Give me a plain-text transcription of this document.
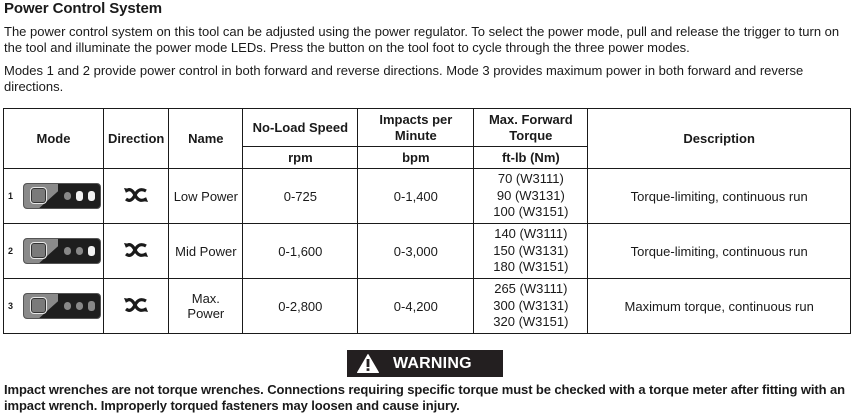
Power Control System
The power control system on this tool can be adjusted using the power regulator. To select the power mode, pull and release the trigger to turn on the tool and illuminate the power mode LEDs. Press the button on the tool foot to cycle through the three power modes.
Modes 1 and 2 provide power control in both forward and reverse directions. Mode 3 provides maximum power in both forward and reverse directions.
Mode	Direction	Name	No-Load Speed	Impacts per Minute	Max. Forward Torque	Description
			rpm	bpm	ft-lb (Nm)	

1		Low Power	0-725	0-1,400	70 (W3111)
90 (W3131)
100 (W3151)	Torque-limiting, continuous run

2		Mid Power	0-1,600	0-3,000	140 (W3111)
150 (W3131)
180 (W3151)	Torque-limiting, continuous run

3		Max. Power	0-2,800	0-4,200	265 (W3111)
300 (W3131)
320 (W3151)	Maximum torque, continuous run
WARNING
Impact wrenches are not torque wrenches. Connections requiring specific torque must be checked with a torque meter after fitting with an impact wrench. Improperly torqued fasteners may loosen and cause injury.
